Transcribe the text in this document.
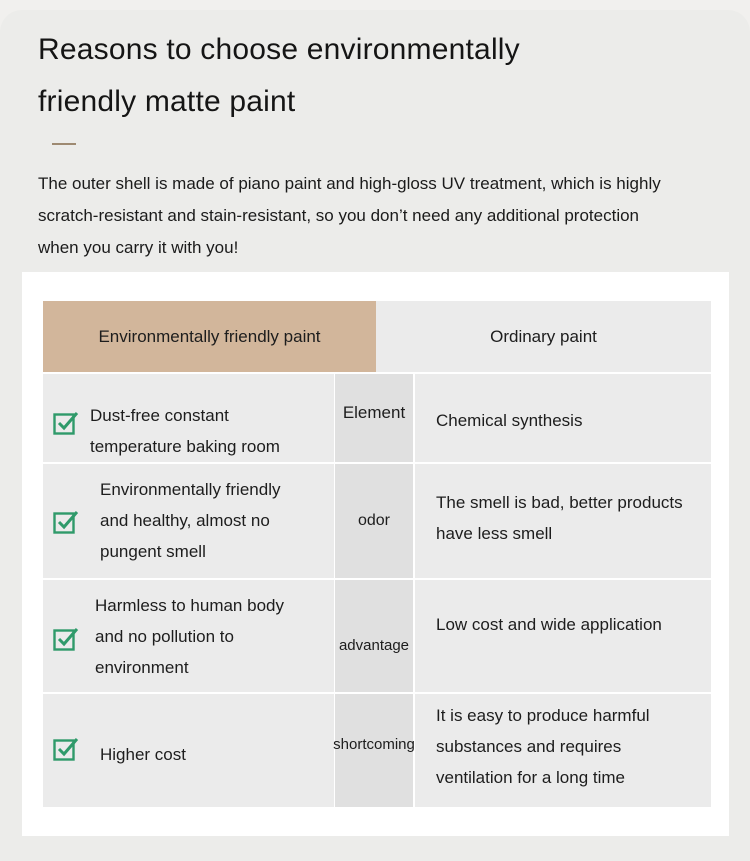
Reasons to choose environmentally
friendly matte paint
The outer shell is made of piano paint and high-gloss UV treatment, which is highly
scratch-resistant and stain-resistant, so you don’t need any additional protection
when you carry it with you!
Environmentally friendly paint	Ordinary paint
Dust-free constant
temperature baking room
Element Chemical synthesis
Environmentally friendly
and healthy, almost no
pungent smell
odor
The smell is bad, better products
have less smell
Harmless to human body
and no pollution to
environment
advantage
Low cost and wide application
Higher cost
shortcoming
It is easy to produce harmful
substances and requires
ventilation for a long time
